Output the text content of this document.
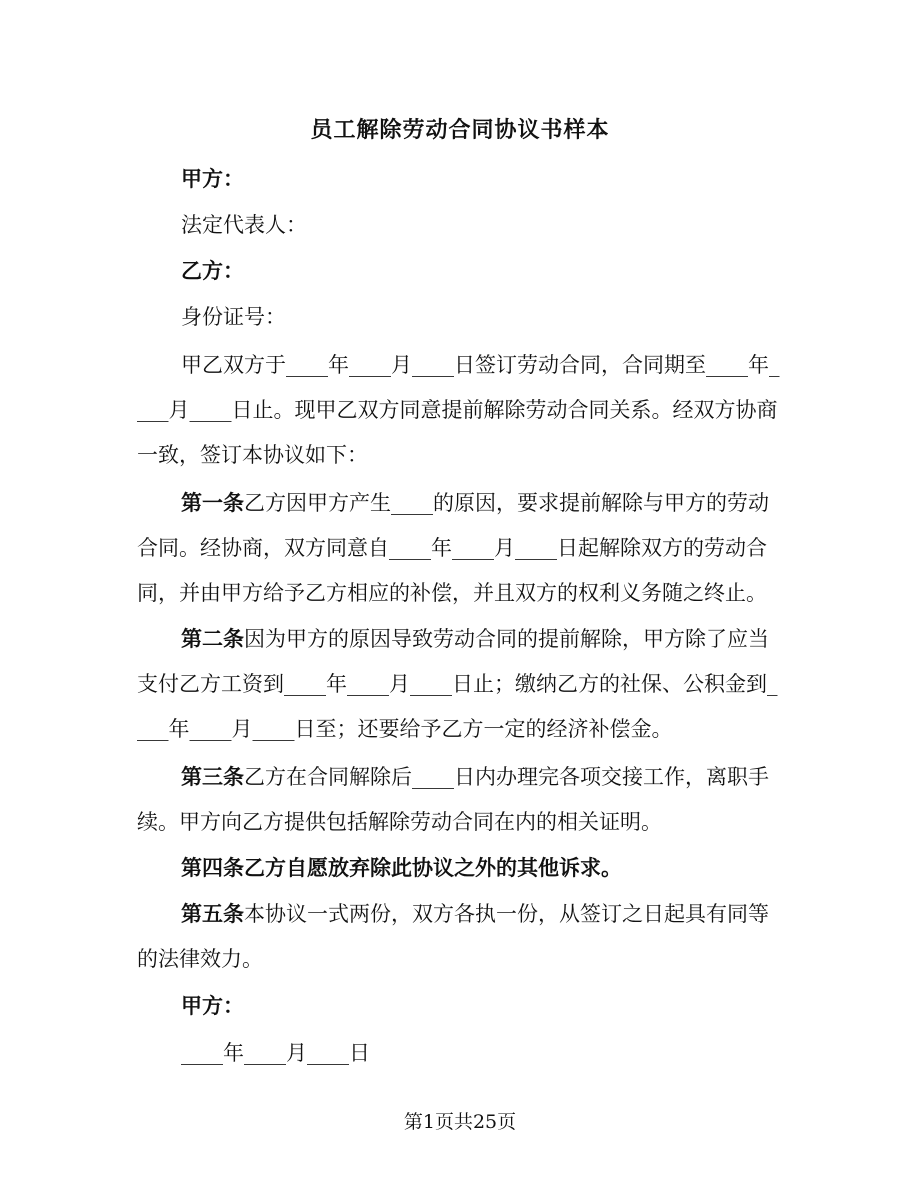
员工解除劳动合同协议书样本
甲方：
法定代表人：
乙方：
身份证号：
甲乙双方于____年____月____日签订劳动合同，合同期至____年_
___月____日止。现甲乙双方同意提前解除劳动合同关系。经双方协商
一致，签订本协议如下：
第一条乙方因甲方产生____的原因，要求提前解除与甲方的劳动
合同。经协商，双方同意自____年____月____日起解除双方的劳动合
同，并由甲方给予乙方相应的补偿，并且双方的权利义务随之终止。
第二条因为甲方的原因导致劳动合同的提前解除，甲方除了应当
支付乙方工资到____年____月____日止；缴纳乙方的社保、公积金到_
___年____月____日至；还要给予乙方一定的经济补偿金。
第三条乙方在合同解除后____日内办理完各项交接工作，离职手
续。甲方向乙方提供包括解除劳动合同在内的相关证明。
第四条乙方自愿放弃除此协议之外的其他诉求。
第五条本协议一式两份，双方各执一份，从签订之日起具有同等
的法律效力。
甲方：
____年____月____日
第1页共25页
